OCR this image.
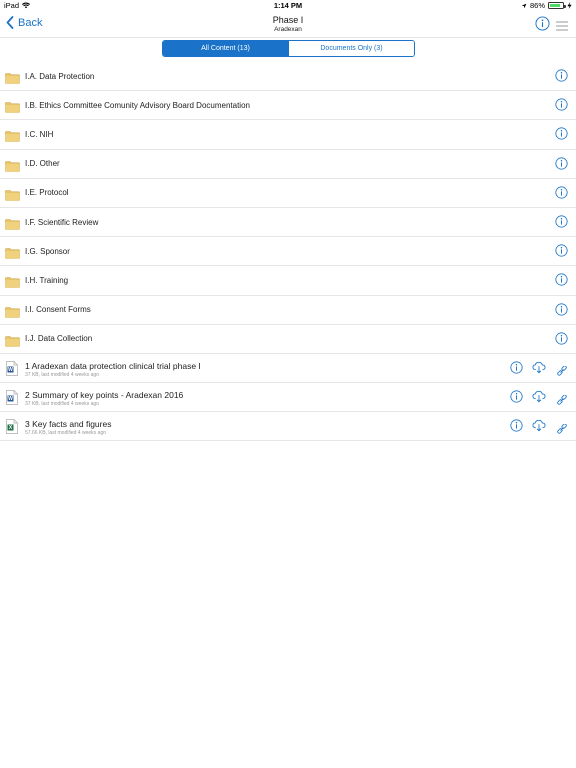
iPad	1:14 PM	86%
Back	Phase I
Aradexan
All Content (13)	Documents Only (3)
I.A. Data Protection
I.B. Ethics Committee Comunity Advisory Board Documentation
I.C. NIH
I.D. Other
I.E. Protocol
I.F. Scientific Review
I.G. Sponsor
I.H. Training
I.I. Consent Forms
I.J. Data Collection
W 1 Aradexan data protection clinical trial phase I
37 KB, last modified 4 weeks ago
W 2 Summary of key points - Aradexan 2016
37 KB, last modified 4 weeks ago
X 3 Key facts and figures
57.66 KB, last modified 4 weeks ago
